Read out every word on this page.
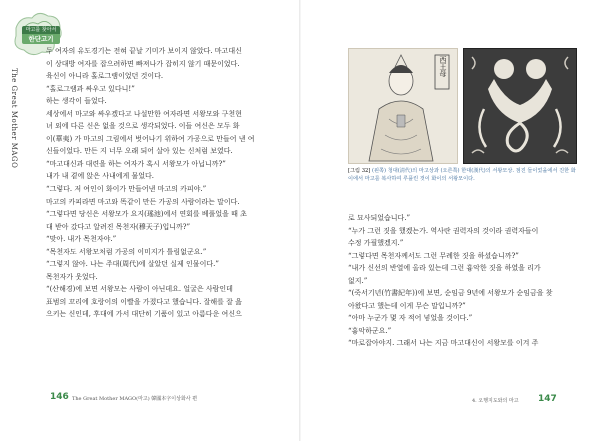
마고를 찾아서
한단고기
The Great Mother MAGO

두 여자의 유도경기는 전혀 끝날 기미가 보이지 않았다. 마고대신

이 상대방 여자를 잡으려하면 빠져나가 잡히지 않기 때문이었다.

육신이 아니라 홀로그램이었던 것이다.

“홀로그램과 싸우고 있다니!”

하는 생각이 들었다.

세상에서 마고와 싸우겠다고 나설만한 여자라면 서왕모와 구천현

녀 외에 다른 신은 없을 것으로 생각되었다. 이들 여신은 모두 화

이(華夷) 가 마고의 그림에서 벗어나기 위하여 가공으로 만들어 낸 여

신들이었다. 만든 지 너무 오래 되어 살아 있는 신처럼 보였다.

“마고대신과 대련을 하는 여자가 혹시 서왕모가 아닙니까?”

내가 내 곁에 앉은 사내에게 물었다.

“그렇다. 저 여인이 화이가 만들어낸 마고의 카피야.”

마고의 카피라면 마고와 똑같이 만든 가공의 사람이라는 말이다.

“그렇다면 당신은 서왕모가 요지(瑤池)에서 연회를 베풀었을 때 초

대 받아 갔다고 알려진 목천자(穆天子)입니까?”

“맞아. 내가 목천자야.”

“목천자도 서왕모처럼 가공의 이미지가 틀림없군요.”

“그렇지 않아. 나는 주대(周代)에 살았던 실제 인물이다.”

목천자가 웃었다.

“(산해경)에 보면 서왕모는 사람이 아닌데요. 얼굴은 사람인데

표범의 꼬리에 호랑이의 이빨을 가졌다고 했습니다. 잘해를 잘 읊

으키는 신인데, 후대에 가서 대단히 기품이 있고 아름다운 여신으

146 The Great Mother MAGO(마고) 韓國本字이상화사 편
西王母
[그림 32] (왼쪽) 청대(淸代)의 마고상과 (오른쪽) 한대(漢代)의 서왕모상. 점진 들이었을에서 진한 화이에서 마고를 복사하여 루플린 것이 화이의 서왕모이다.

로 묘사되었습니다.”

“누가 그런 짓을 했겠는가. 역사란 권력자의 것이라 권력자들이

수정 가필했겠지.”

“그렇다면 목천자께서도 그런 무례한 짓을 하셨습니까?”

“내가 신선의 반열에 올라 있는데 그런 흉악한 짓을 하였을 리가

없지.”

“(죽서기년(竹書紀年))에 보면, 순임금 9년에 서왕모가 순임금을 찾

아왔다고 했는데 이게 무슨 말입니까?”

“아마 누군가 몇 자 적어 넣었을 것이다.”

“흉악하군요.”

“마로잡아야지. 그래서 나는 지금 마고대신이 서왕모를 이겨 주

4. 오행지도와의 마고 147
